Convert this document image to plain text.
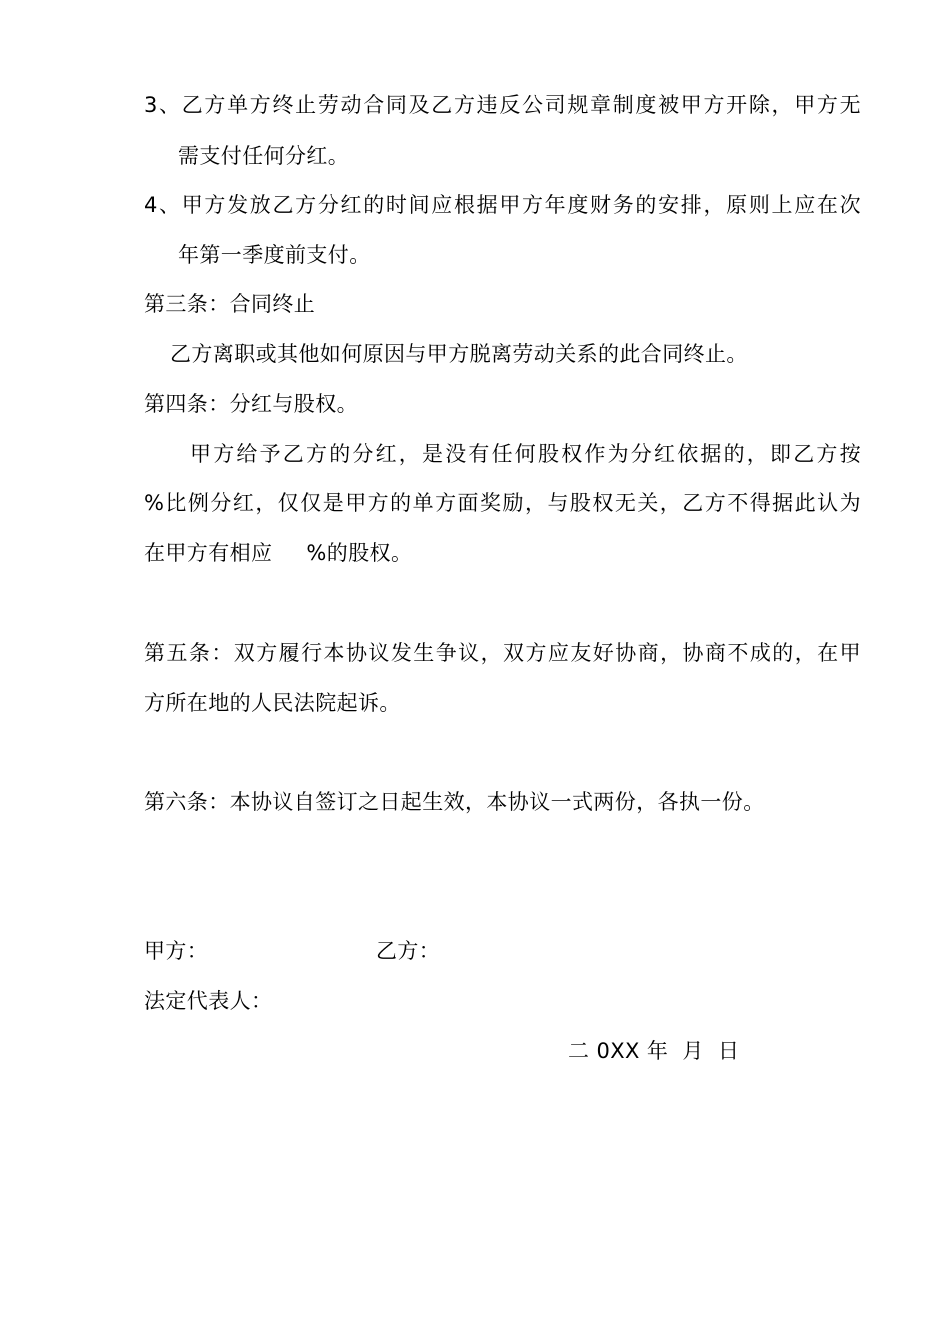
3、乙方单方终止劳动合同及乙方违反公司规章制度被甲方开除，甲方无
需支付任何分红。
4、甲方发放乙方分红的时间应根据甲方年度财务的安排，原则上应在次
年第一季度前支付。
第三条：合同终止
乙方离职或其他如何原因与甲方脱离劳动关系的此合同终止。
第四条：分红与股权。
甲方给予乙方的分红，是没有任何股权作为分红依据的，即乙方按
%比例分红，仅仅是甲方的单方面奖励，与股权无关，乙方不得据此认为
在甲方有相应 %的股权。
第五条：双方履行本协议发生争议，双方应友好协商，协商不成的，在甲
方所在地的人民法院起诉。
第六条：本协议自签订之日起生效，本协议一式两份，各执一份。
甲方：	乙方：
法定代表人：
二 0XX 年  月  日
